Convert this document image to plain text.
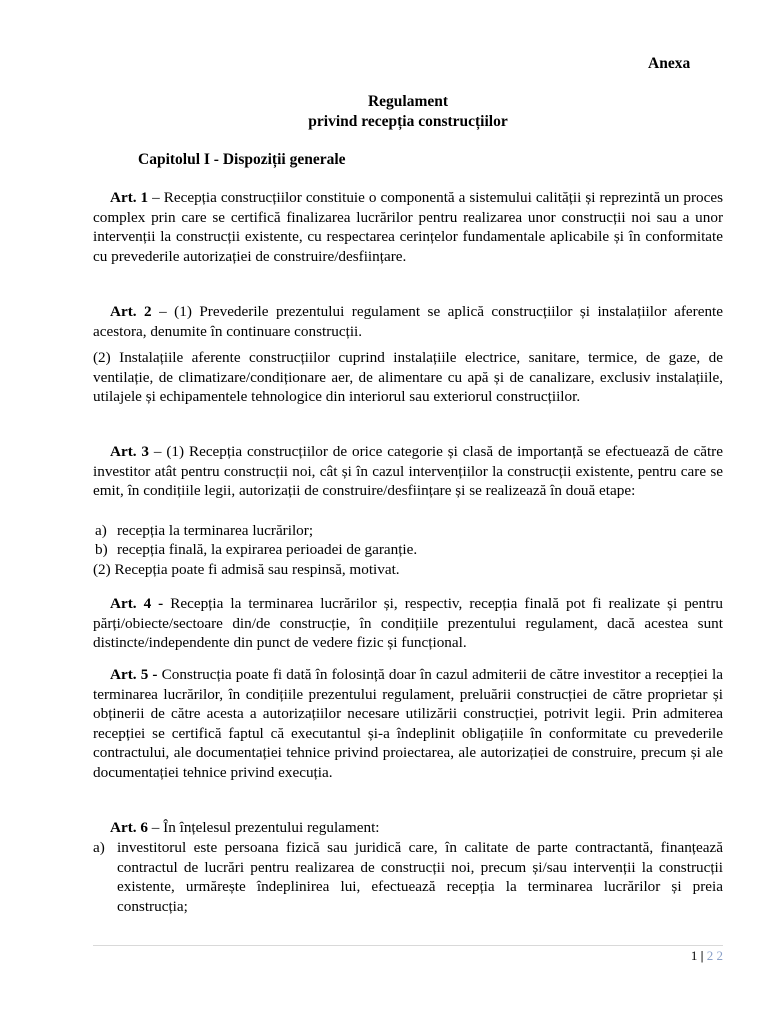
Anexa
Regulament
privind recepția construcțiilor
Capitolul I - Dispoziții generale
Art. 1 – Recepția construcțiilor constituie o componentă a sistemului calității și reprezintă un proces complex prin care se certifică finalizarea lucrărilor pentru realizarea unor construcții noi sau a unor intervenții la construcții existente, cu respectarea cerințelor fundamentale aplicabile și în conformitate cu prevederile autorizației de construire/desființare.
Art. 2 – (1) Prevederile prezentului regulament se aplică construcțiilor și instalațiilor aferente acestora, denumite în continuare construcții.
(2) Instalațiile aferente construcțiilor cuprind instalațiile electrice, sanitare, termice, de gaze, de ventilație, de climatizare/condiționare aer, de alimentare cu apă și de canalizare, exclusiv instalațiile, utilajele și echipamentele tehnologice din interiorul sau exteriorul construcțiilor.
Art. 3 – (1) Recepția construcțiilor de orice categorie și clasă de importanță se efectuează de către investitor atât pentru construcții noi, cât și în cazul intervențiilor la construcții existente, pentru care se emit, în condițiile legii, autorizații de construire/desființare și se realizează în două etape:
a) recepția la terminarea lucrărilor;
b) recepția finală, la expirarea perioadei de garanție.
(2) Recepția poate fi admisă sau respinsă, motivat.
Art. 4 - Recepția la terminarea lucrărilor și, respectiv, recepția finală pot fi realizate și pentru părți/obiecte/sectoare din/de construcție, în condițiile prezentului regulament, dacă acestea sunt distincte/independente din punct de vedere fizic și funcțional.
Art. 5 - Construcția poate fi dată în folosință doar în cazul admiterii de către investitor a recepției la terminarea lucrărilor, în condițiile prezentului regulament, preluării construcției de către proprietar și obținerii de către acesta a autorizațiilor necesare utilizării construcției, potrivit legii. Prin admiterea recepției se certifică faptul că executantul și-a îndeplinit obligațiile în conformitate cu prevederile contractului, ale documentației tehnice privind proiectarea, ale autorizației de construire, precum și ale documentației tehnice privind execuția.
Art. 6 – În înțelesul prezentului regulament:
a) investitorul este persoana fizică sau juridică care, în calitate de parte contractantă, finanțează contractul de lucrări pentru realizarea de construcții noi, precum și/sau intervenții la construcții existente, urmărește îndeplinirea lui, efectuează recepția la terminarea lucrărilor și preia construcția;
1 | 2 2
